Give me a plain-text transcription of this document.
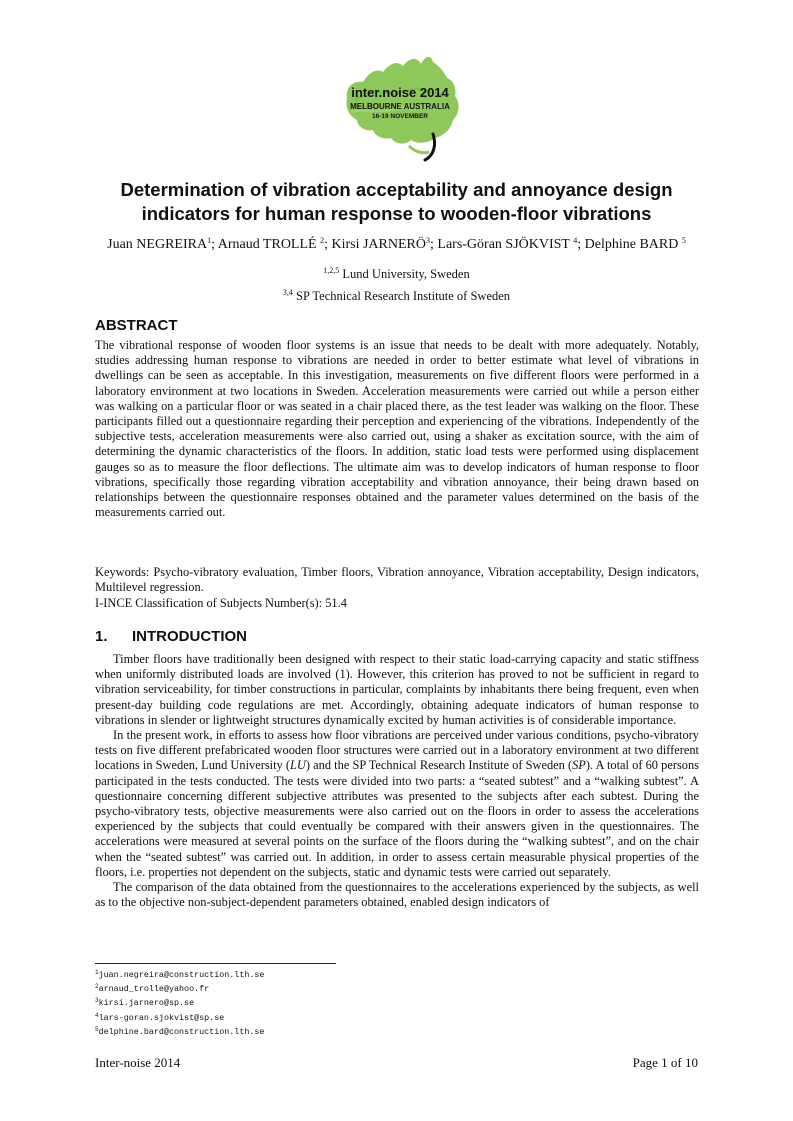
inter.noise 2014
MELBOURNE AUSTRALIA
16-19 NOVEMBER
Determination of vibration acceptability and annoyance design
indicators for human response to wooden-floor vibrations
Juan NEGREIRA$^1$; Arnaud TROLLÉ $^2$; Kirsi JARNERÖ$^3$; Lars-Göran SJÖKVIST $^4$; Delphine BARD $^5$
$^{1,2,5}$ Lund University, Sweden
$^{3,4}$ SP Technical Research Institute of Sweden
ABSTRACT
The vibrational response of wooden floor systems is an issue that needs to be dealt with more adequately. Notably, studies addressing human response to vibrations are needed in order to better estimate what level of vibrations in dwellings can be seen as acceptable. In this investigation, measurements on five different floors were performed in a laboratory environment at two locations in Sweden. Acceleration measurements were carried out while a person either was walking on a particular floor or was seated in a chair placed there, as the test leader was walking on the floor. These participants filled out a questionnaire regarding their perception and experiencing of the vibrations. Independently of the subjective tests, acceleration measurements were also carried out, using a shaker as excitation source, with the aim of determining the dynamic characteristics of the floors. In addition, static load tests were performed using displacement gauges so as to measure the floor deflections. The ultimate aim was to develop indicators of human response to floor vibrations, specifically those regarding vibration acceptability and vibration annoyance, their being drawn based on relationships between the questionnaire responses obtained and the parameter values determined on the basis of the measurements carried out.
Keywords: Psycho-vibratory evaluation, Timber floors, Vibration annoyance, Vibration acceptability, Design indicators, Multilevel regression.
I-INCE Classification of Subjects Number(s): 51.4
1. INTRODUCTION

Timber floors have traditionally been designed with respect to their static load-carrying capacity and static stiffness when uniformly distributed loads are involved (1). However, this criterion has proved to not be sufficient in regard to vibration serviceability, for timber constructions in particular, complaints by inhabitants there being frequent, even when present-day building code regulations are met. Accordingly, obtaining adequate indicators of human response to vibrations in slender or lightweight structures dynamically excited by human activities is of considerable importance.

In the present work, in efforts to assess how floor vibrations are perceived under various conditions, psycho-vibratory tests on five different prefabricated wooden floor structures were carried out in a laboratory environment at two different locations in Sweden, Lund University (LU) and the SP Technical Research Institute of Sweden (SP). A total of 60 persons participated in the tests conducted. The tests were divided into two parts: a “seated subtest” and a “walking subtest”. A questionnaire concerning different subjective attributes was presented to the subjects after each subtest. During the psycho-vibratory tests, objective measurements were also carried out on the floors in order to assess the accelerations experienced by the subjects that could eventually be compared with their answers given in the questionnaires. The accelerations were measured at several points on the surface of the floors during the “walking subtest”, and on the chair when the “seated subtest” was carried out. In addition, in order to assess certain measurable physical properties of the floors, i.e. properties not dependent on the subjects, static and dynamic tests were carried out separately.

The comparison of the data obtained from the questionnaires to the accelerations experienced by the subjects, as well as to the objective non-subject-dependent parameters obtained, enabled design indicators of

$^1$juan.negreira@construction.lth.se
$^2$arnaud_trolle@yahoo.fr
$^3$kirsi.jarnero@sp.se
$^4$lars-goran.sjokvist@sp.se
$^5$delphine.bard@construction.lth.se
Inter-noise 2014	Page 1 of 10
